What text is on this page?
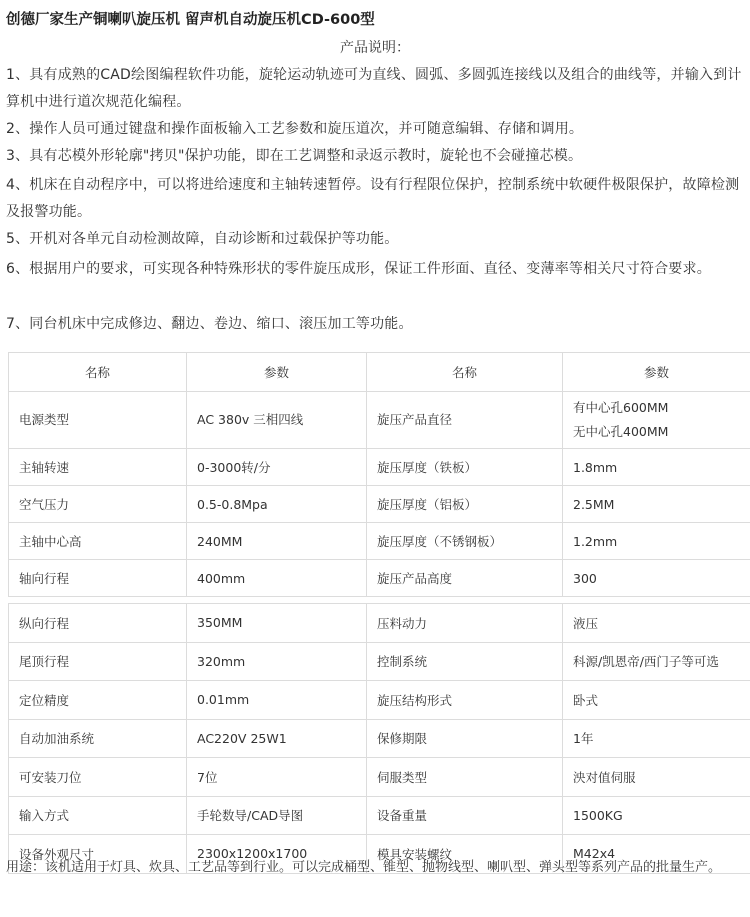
创德厂家生产铜喇叭旋压机 留声机自动旋压机CD-600型
产品说明：
1、具有成熟的CAD绘图编程软件功能，旋轮运动轨迹可为直线、圆弧、多圆弧连接线以及组合的曲线等，并输入到计算机中进行道次规范化编程。
2、操作人员可通过键盘和操作面板输入工艺参数和旋压道次，并可随意编辑、存储和调用。
3、具有芯模外形轮廓"拷贝"保护功能，即在工艺调整和录返示教时，旋轮也不会碰撞芯模。
4、机床在自动程序中，可以将进给速度和主轴转速暂停。设有行程限位保护，控制系统中软硬件极限保护，故障检测及报警功能。
5、开机对各单元自动检测故障，自动诊断和过载保护等功能。
6、根据用户的要求，可实现各种特殊形状的零件旋压成形，保证工件形面、直径、变薄率等相关尺寸符合要求。
7、同台机床中完成修边、翻边、卷边、缩口、滚压加工等功能。
名称	参数	名称	参数
电源类型	AC 380v 三相四线	旋压产品直径	有中心孔600MM
无中心孔400MM

主轴转速	0-3000转/分	旋压厚度（铁板）	1.8mm
空气压力	0.5-0.8Mpa	旋压厚度（铝板）	2.5MM
主轴中心高	240MM	旋压厚度（不锈钢板）	1.2mm
轴向行程	400mm	旋压产品高度	300
纵向行程	350MM	压料动力	液压
尾顶行程	320mm	控制系统	科源/凯恩帝/西门子等可选
定位精度	0.01mm	旋压结构形式	卧式
自动加油系统	AC220V 25W1	保修期限	1年
可安装刀位	7位	伺服类型	泱对值伺服
输入方式	手轮数导/CAD导图	设备重量	1500KG
设备外观尺寸	2300x1200x1700	模具安装螺纹	M42x4
用途：该机适用于灯具、炊具、工艺品等到行业。可以完成桶型、锥型、抛物线型、喇叭型、弹头型等系列产品的批量生产。
